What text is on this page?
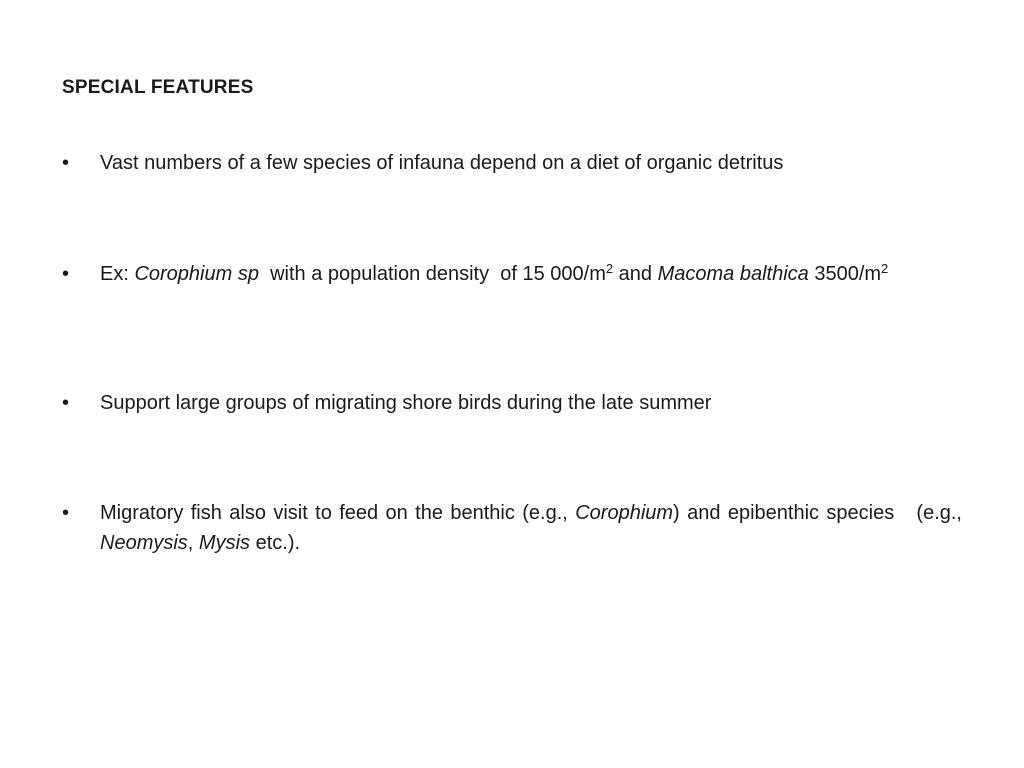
SPECIAL FEATURES
•	Vast numbers of a few species of infauna depend on a diet of organic detritus
•	Ex: Corophium sp  with a population density  of 15 $000/m^2$ and Macoma balthica $3500/m^2$
•	Support large groups of migrating shore birds during the late summer
•	Migratory fish also visit to feed on the benthic (e.g., Corophium) and epibenthic species   (e.g., Neomysis, Mysis etc.).
